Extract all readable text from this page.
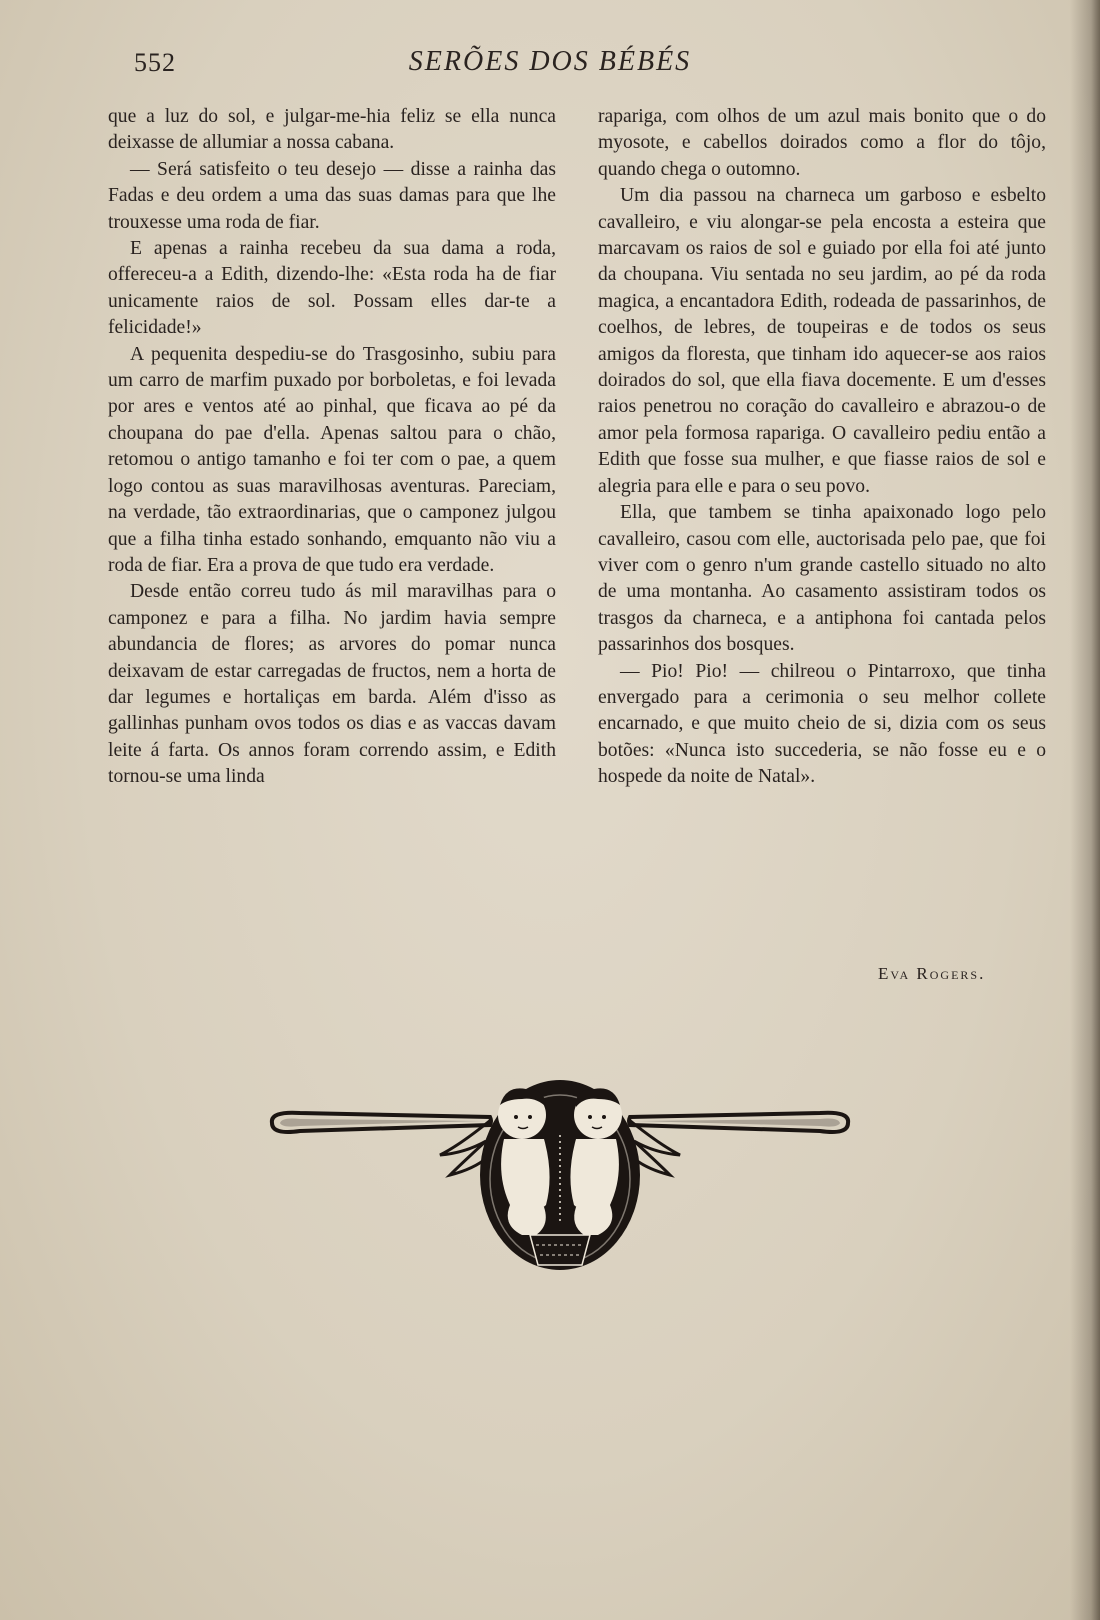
552	SERÕES DOS BÉBÉS

que a luz do sol, e julgar-me-hia feliz se ella nunca deixasse de allumiar a nossa cabana.

— Será satisfeito o teu desejo — disse a rainha das Fadas e deu ordem a uma das suas damas para que lhe trouxesse uma roda de fiar.

E apenas a rainha recebeu da sua dama a roda, offereceu-a a Edith, dizendo-lhe: «Esta roda ha de fiar unicamente raios de sol. Possam elles dar-te a felicidade!»

A pequenita despediu-se do Trasgosinho, subiu para um carro de marfim puxado por borboletas, e foi levada por ares e ventos até ao pinhal, que ficava ao pé da choupana do pae d'ella. Apenas saltou para o chão, retomou o antigo tamanho e foi ter com o pae, a quem logo contou as suas maravilhosas aventuras. Pareciam, na verdade, tão extraordinarias, que o camponez julgou que a filha tinha estado sonhando, emquanto não viu a roda de fiar. Era a prova de que tudo era verdade.

Desde então correu tudo ás mil maravilhas para o camponez e para a filha. No jardim havia sempre abundancia de flores; as arvores do pomar nunca deixavam de estar carregadas de fructos, nem a horta de dar legumes e hortaliças em barda. Além d'isso as gallinhas punham ovos todos os dias e as vaccas davam leite á farta. Os annos foram correndo assim, e Edith tornou-se uma linda

rapariga, com olhos de um azul mais bonito que o do myosote, e cabellos doirados como a flor do tôjo, quando chega o outomno.

Um dia passou na charneca um garboso e esbelto cavalleiro, e viu alongar-se pela encosta a esteira que marcavam os raios de sol e guiado por ella foi até junto da choupana. Viu sentada no seu jardim, ao pé da roda magica, a encantadora Edith, rodeada de passarinhos, de coelhos, de lebres, de toupeiras e de todos os seus amigos da floresta, que tinham ido aquecer-se aos raios doirados do sol, que ella fiava docemente. E um d'esses raios penetrou no coração do cavalleiro e abrazou-o de amor pela formosa rapariga. O cavalleiro pediu então a Edith que fosse sua mulher, e que fiasse raios de sol e alegria para elle e para o seu povo.

Ella, que tambem se tinha apaixonado logo pelo cavalleiro, casou com elle, auctorisada pelo pae, que foi viver com o genro n'um grande castello situado no alto de uma montanha. Ao casamento assistiram todos os trasgos da charneca, e a antiphona foi cantada pelos passarinhos dos bosques.

— Pio! Pio! — chilreou o Pintarroxo, que tinha envergado para a cerimonia o seu melhor collete encarnado, e que muito cheio de si, dizia com os seus botões: «Nunca isto succederia, se não fosse eu e o hospede da noite de Natal».

Eva Rogers.
